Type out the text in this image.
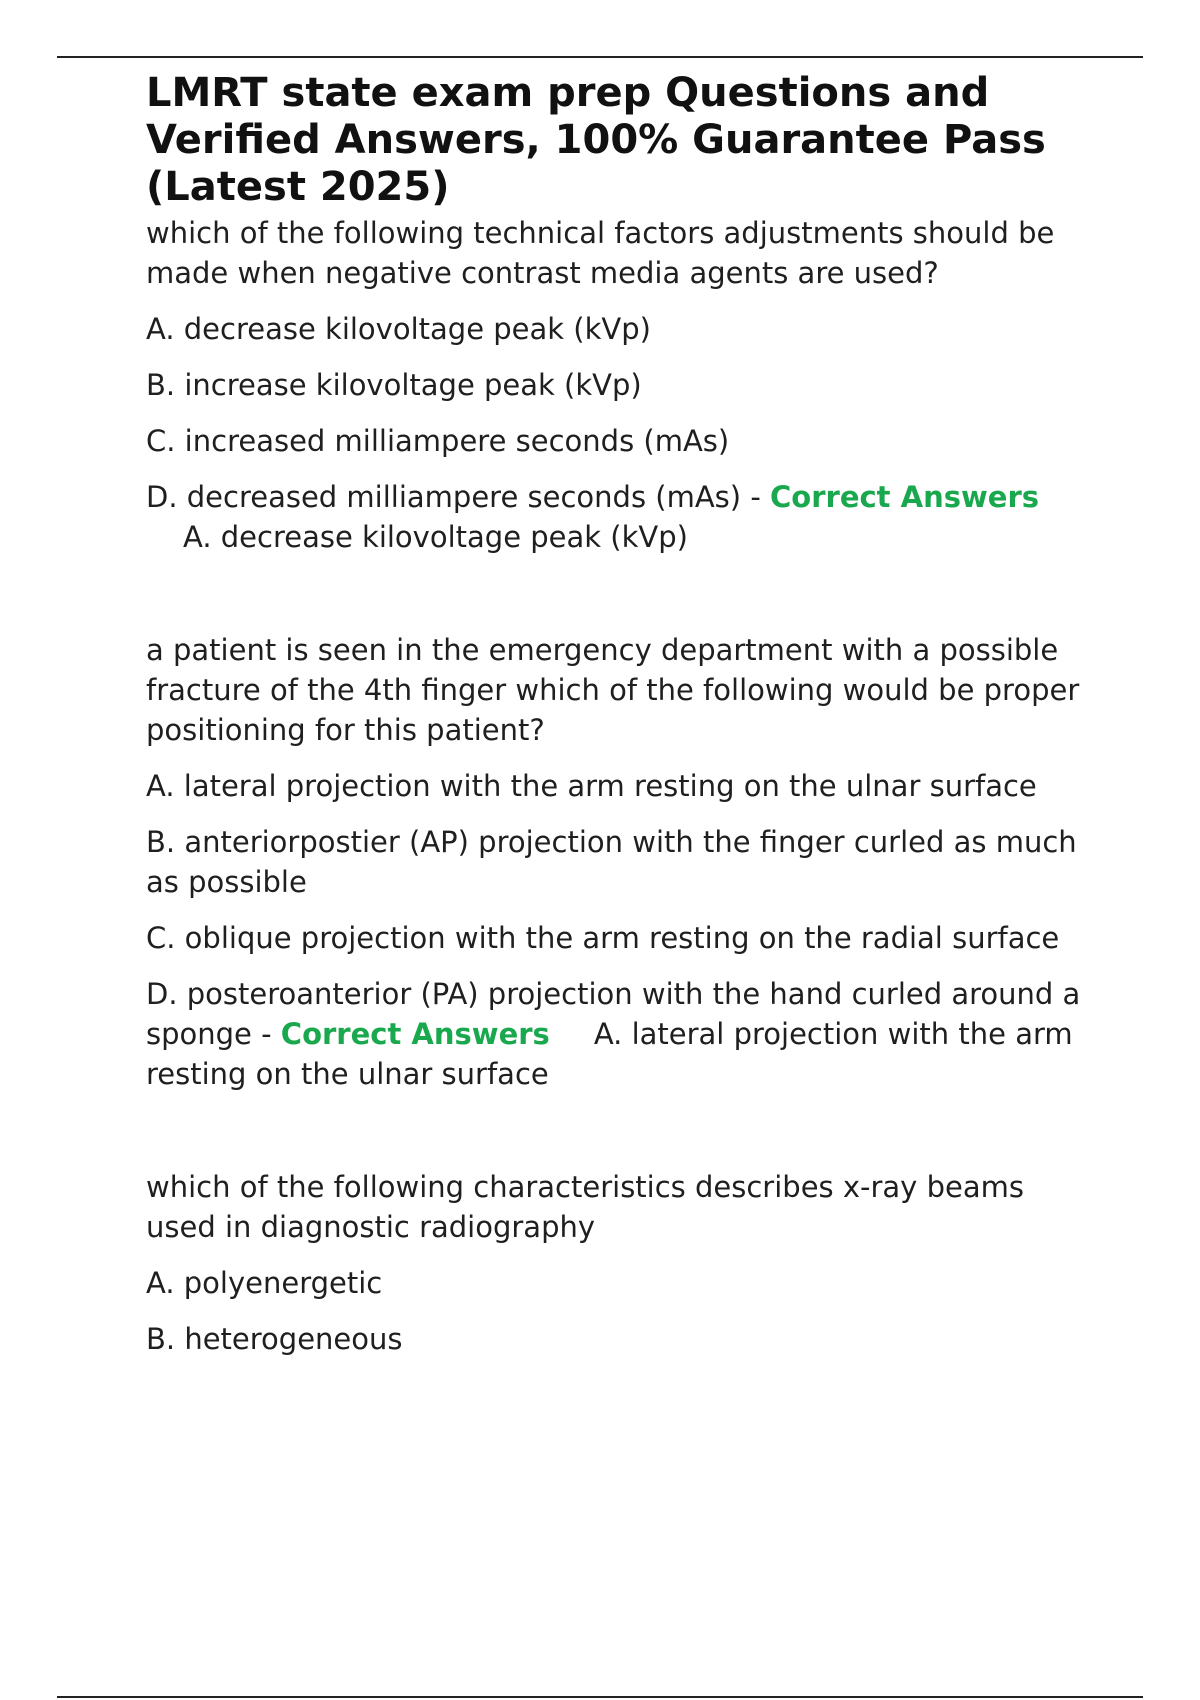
LMRT state exam prep Questions and Verified Answers, 100% Guarantee Pass (Latest 2025)

which of the following technical factors adjustments should be made when negative contrast media agents are used?

A. decrease kilovoltage peak (kVp)

B. increase kilovoltage peak (kVp)

C. increased milliampere seconds (mAs)

D. decreased milliampere seconds (mAs) - Correct Answers

A. decrease kilovoltage peak (kVp)

a patient is seen in the emergency department with a possible fracture of the 4th finger which of the following would be proper positioning for this patient?

A. lateral projection with the arm resting on the ulnar surface

B. anteriorpostier (AP) projection with the finger curled as much as possible

C. oblique projection with the arm resting on the radial surface

D. posteroanterior (PA) projection with the hand curled around a sponge - Correct Answers A. lateral projection with the arm resting on the ulnar surface

which of the following characteristics describes x-ray beams used in diagnostic radiography

A. polyenergetic

B. heterogeneous
